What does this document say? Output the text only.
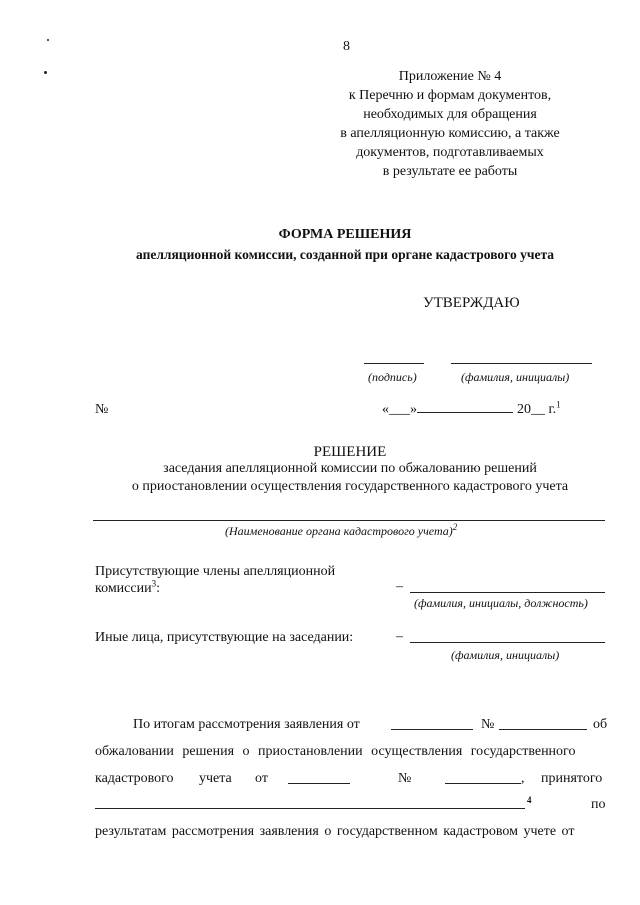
8
Приложение № 4
к Перечню и формам документов,
необходимых для обращения
в апелляционную комиссию, а также
документов, подготавливаемых
в результате ее работы
ФОРМА РЕШЕНИЯ
апелляционной комиссии, созданной при органе кадастрового учета
УТВЕРЖДАЮ
(подпись)	(фамилия, инициалы)
№	«___»	20__ г.$^1$
РЕШЕНИЕ
заседания апелляционной комиссии по обжалованию решений
о приостановлении осуществления государственного кадастрового учета
(Наименование органа кадастрового учета)$^2$
Присутствующие члены апелляционной
комиссии$^3$:	–
(фамилия, инициалы, должность)
Иные лица, присутствующие на заседании:	–
(фамилия, инициалы)
По итогам рассмотрения заявления от	№	об
обжаловании решения о приостановлении осуществления государственного
кадастрового учета от	№	, принятого
4	по
результатам рассмотрения заявления о государственном кадастровом учете от
